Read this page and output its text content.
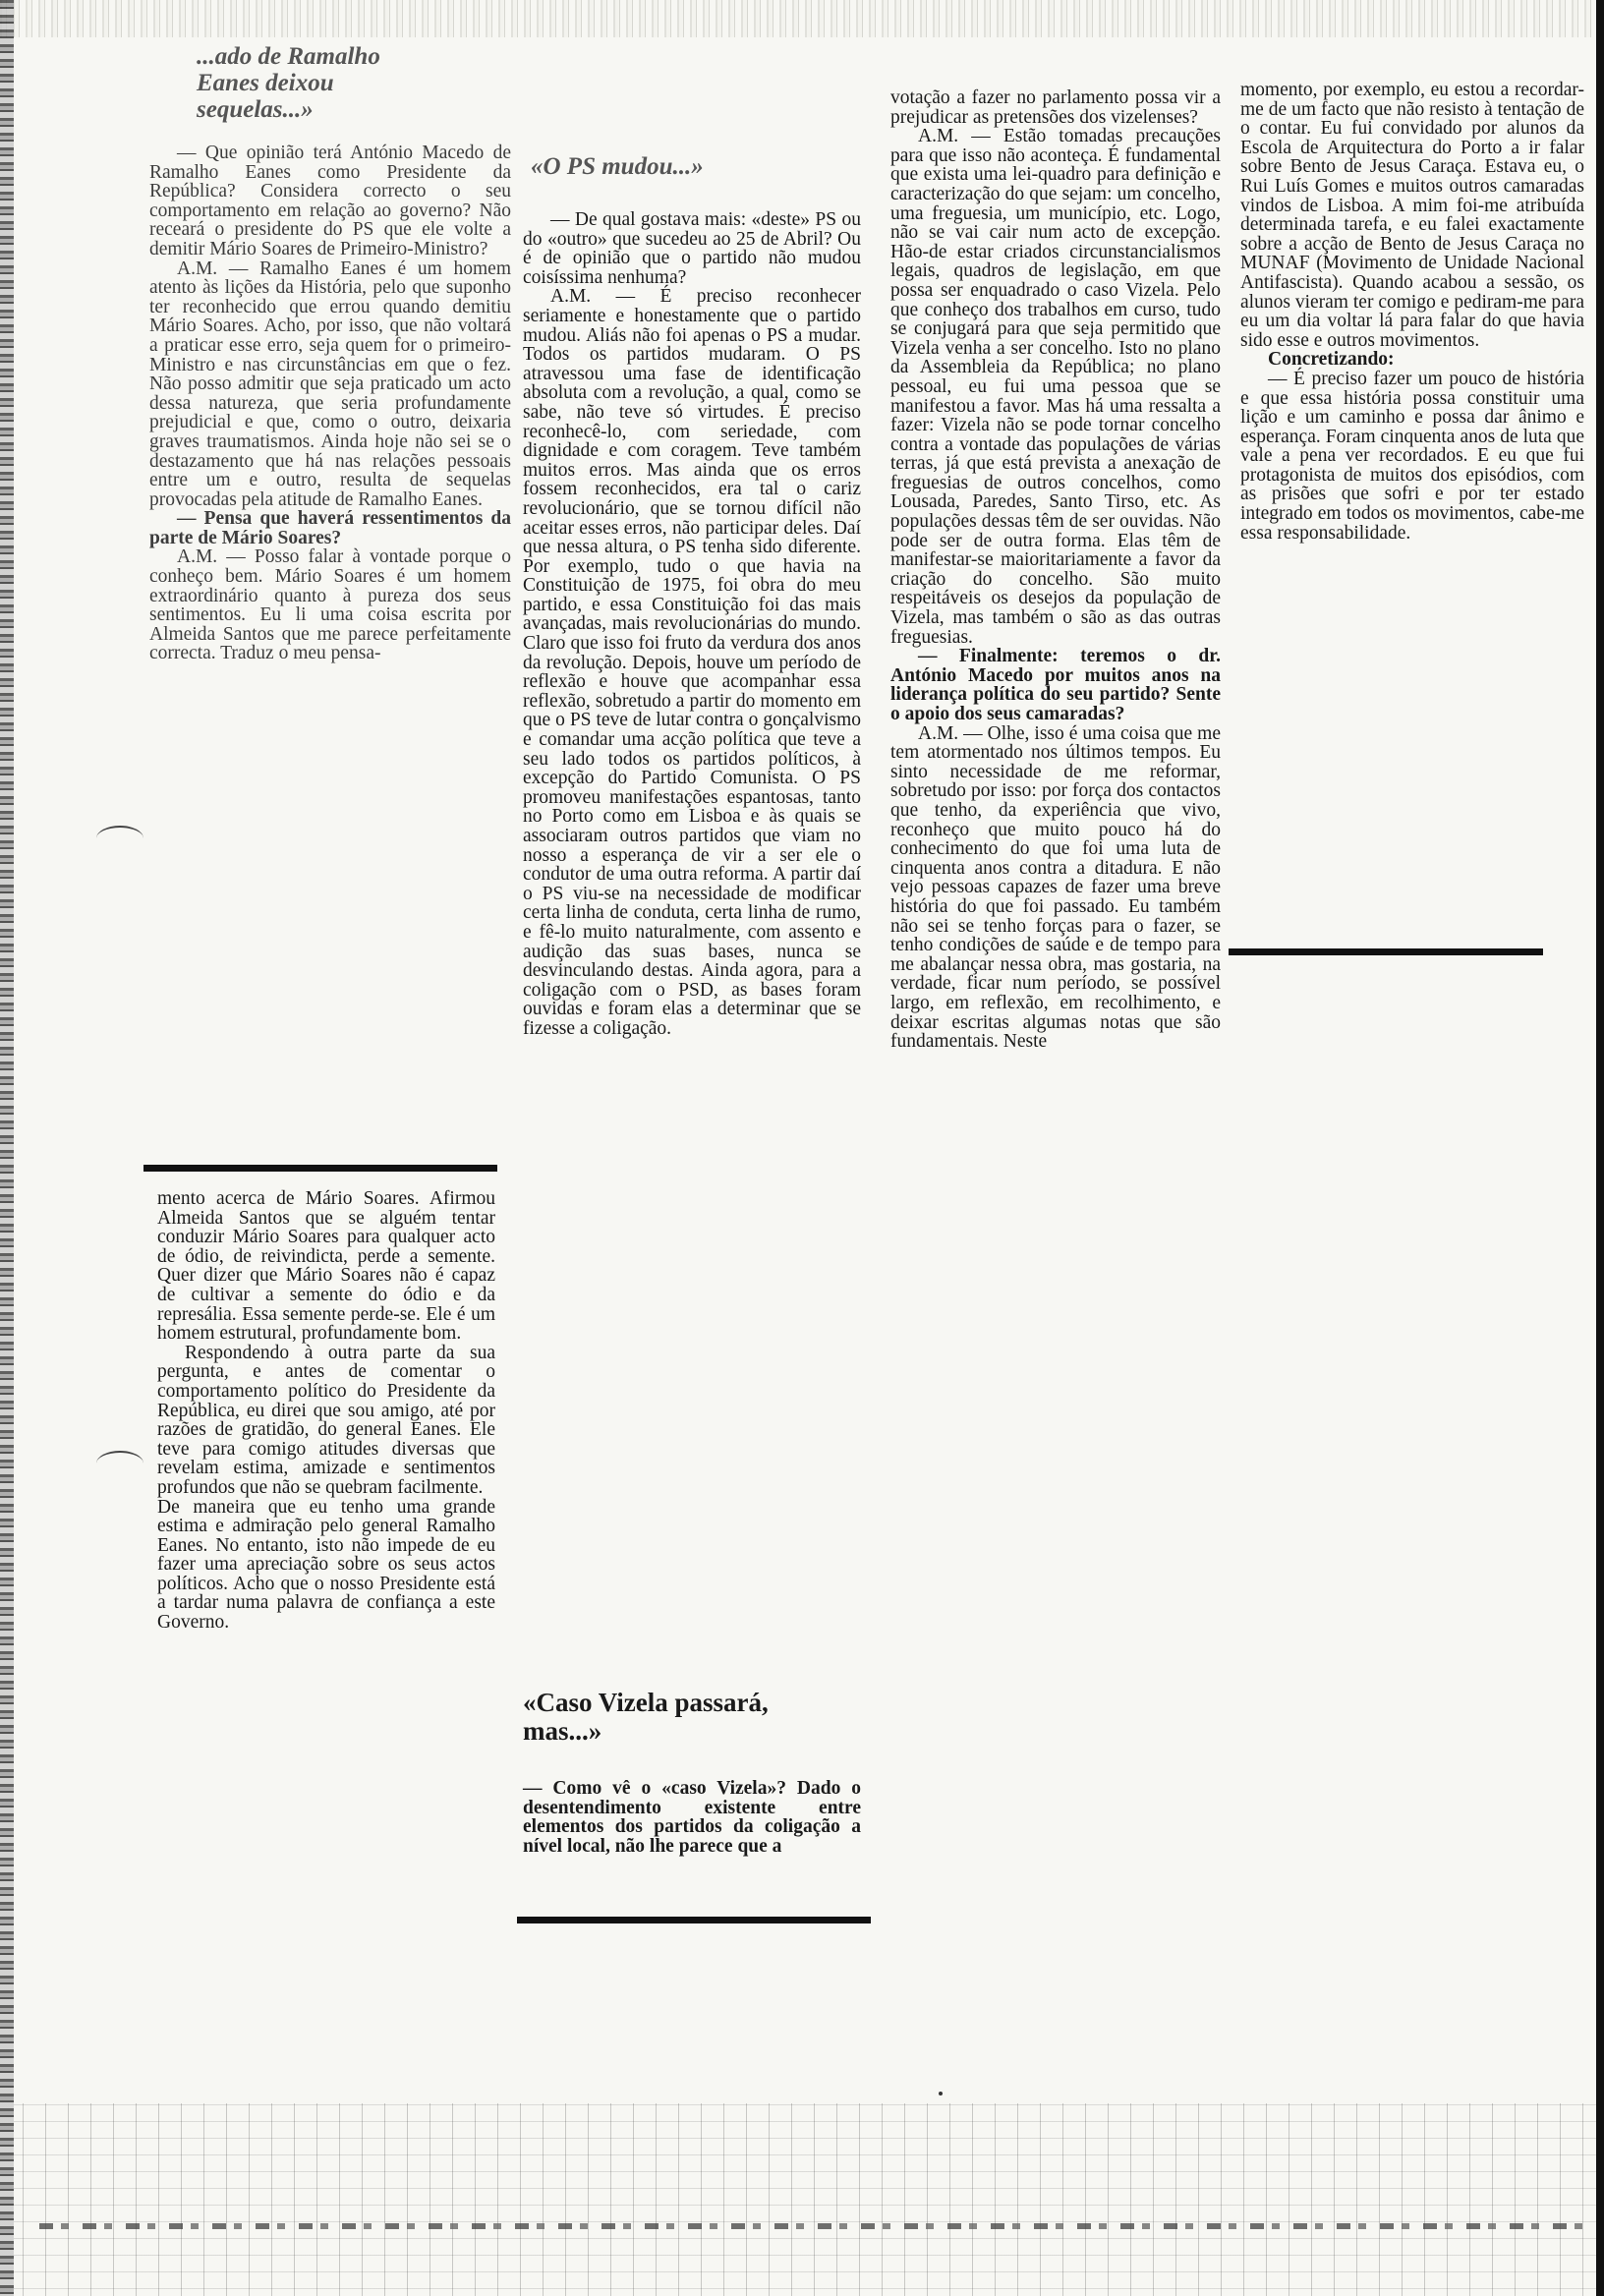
...ado de Ramalho
Eanes deixou
sequelas...»

— Que opinião terá António Macedo de Ramalho Eanes como Presidente da República? Considera correcto o seu comportamento em relação ao governo? Não receará o presidente do PS que ele volte a demitir Mário Soares de Primeiro-Ministro?

A.M. — Ramalho Eanes é um homem atento às lições da História, pelo que suponho ter reconhecido que errou quando demitiu Mário Soares. Acho, por isso, que não voltará a praticar esse erro, seja quem for o primeiro-Ministro e nas circunstâncias em que o fez. Não posso admitir que seja praticado um acto dessa natureza, que seria profundamente prejudicial e que, como o outro, deixaria graves traumatismos. Ainda hoje não sei se o destazamento que há nas relações pessoais entre um e outro, resulta de sequelas provocadas pela atitude de Ramalho Eanes.

— Pensa que haverá ressentimentos da parte de Mário Soares?

A.M. — Posso falar à vontade porque o conheço bem. Mário Soares é um homem extraordinário quanto à pureza dos seus sentimentos. Eu li uma coisa escrita por Almeida Santos que me parece perfeitamente correcta. Traduz o meu pensa-

mento acerca de Mário Soares. Afirmou Almeida Santos que se alguém tentar conduzir Mário Soares para qualquer acto de ódio, de reivindicta, perde a semente. Quer dizer que Mário Soares não é capaz de cultivar a semente do ódio e da represália. Essa semente perde-se. Ele é um homem estrutural, profundamente bom.

Respondendo à outra parte da sua pergunta, e antes de comentar o comportamento político do Presidente da República, eu direi que sou amigo, até por razões de gratidão, do general Eanes. Ele teve para comigo atitudes diversas que revelam estima, amizade e sentimentos profundos que não se quebram facilmente.

De maneira que eu tenho uma grande estima e admiração pelo general Ramalho Eanes. No entanto, isto não impede de eu fazer uma apreciação sobre os seus actos políticos. Acho que o nosso Presidente está a tardar numa palavra de confiança a este Governo.

«O PS mudou...»

— De qual gostava mais: «deste» PS ou do «outro» que sucedeu ao 25 de Abril? Ou é de opinião que o partido não mudou coisíssima nenhuma?

A.M. — É preciso reconhecer seriamente e honestamente que o partido mudou. Aliás não foi apenas o PS a mudar. Todos os partidos mudaram. O PS atravessou uma fase de identificação absoluta com a revolução, a qual, como se sabe, não teve só virtudes. É preciso reconhecê-lo, com seriedade, com dignidade e com coragem. Teve também muitos erros. Mas ainda que os erros fossem reconhecidos, era tal o cariz revolucionário, que se tornou difícil não aceitar esses erros, não participar deles. Daí que nessa altura, o PS tenha sido diferente. Por exemplo, tudo o que havia na Constituição de 1975, foi obra do meu partido, e essa Constituição foi das mais avançadas, mais revolucionárias do mundo. Claro que isso foi fruto da verdura dos anos da revolução. Depois, houve um período de reflexão e houve que acompanhar essa reflexão, sobretudo a partir do momento em que o PS teve de lutar contra o gonçalvismo e comandar uma acção política que teve a seu lado todos os partidos políticos, à excepção do Partido Comunista. O PS promoveu manifestações espantosas, tanto no Porto como em Lisboa e às quais se associaram outros partidos que viam no nosso a esperança de vir a ser ele o condutor de uma outra reforma. A partir daí o PS viu-se na necessidade de modificar certa linha de conduta, certa linha de rumo, e fê-lo muito naturalmente, com assento e audição das suas bases, nunca se desvinculando destas. Ainda agora, para a coligação com o PSD, as bases foram ouvidas e foram elas a determinar que se fizesse a coligação.

«Caso Vizela passará, mas...»
— Como vê o «caso Vizela»? Dado o desentendimento existente entre elementos dos partidos da coligação a nível local, não lhe parece que a

votação a fazer no parlamento possa vir a prejudicar as pretensões dos vizelenses?

A.M. — Estão tomadas precauções para que isso não aconteça. É fundamental que exista uma lei-quadro para definição e caracterização do que sejam: um concelho, uma freguesia, um município, etc. Logo, não se vai cair num acto de excepção. Hão-de estar criados circunstancialismos legais, quadros de legislação, em que possa ser enquadrado o caso Vizela. Pelo que conheço dos trabalhos em curso, tudo se conjugará para que seja permitido que Vizela venha a ser concelho. Isto no plano da Assembleia da República; no plano pessoal, eu fui uma pessoa que se manifestou a favor. Mas há uma ressalta a fazer: Vizela não se pode tornar concelho contra a vontade das populações de várias terras, já que está prevista a anexação de freguesias de outros concelhos, como Lousada, Paredes, Santo Tirso, etc. As populações dessas têm de ser ouvidas. Não pode ser de outra forma. Elas têm de manifestar-se maioritariamente a favor da criação do concelho. São muito respeitáveis os desejos da população de Vizela, mas também o são as das outras freguesias.

— Finalmente: teremos o dr. António Macedo por muitos anos na liderança política do seu partido? Sente o apoio dos seus camaradas?

A.M. — Olhe, isso é uma coisa que me tem atormentado nos últimos tempos. Eu sinto necessidade de me reformar, sobretudo por isso: por força dos contactos que tenho, da experiência que vivo, reconheço que muito pouco há do conhecimento do que foi uma luta de cinquenta anos contra a ditadura. E não vejo pessoas capazes de fazer uma breve história do que foi passado. Eu também não sei se tenho forças para o fazer, se tenho condições de saúde e de tempo para me abalançar nessa obra, mas gostaria, na verdade, ficar num período, se possível largo, em reflexão, em recolhimento, e deixar escritas algumas notas que são fundamentais. Neste

momento, por exemplo, eu estou a recordar-me de um facto que não resisto à tentação de o contar. Eu fui convidado por alunos da Escola de Arquitectura do Porto a ir falar sobre Bento de Jesus Caraça. Estava eu, o Rui Luís Gomes e muitos outros camaradas vindos de Lisboa. A mim foi-me atribuída determinada tarefa, e eu falei exactamente sobre a acção de Bento de Jesus Caraça no MUNAF (Movimento de Unidade Nacional Antifascista). Quando acabou a sessão, os alunos vieram ter comigo e pediram-me para eu um dia voltar lá para falar do que havia sido esse e outros movimentos.

Concretizando:

— É preciso fazer um pouco de história e que essa história possa constituir uma lição e um caminho e possa dar ânimo e esperança. Foram cinquenta anos de luta que vale a pena ver recordados. E eu que fui protagonista de muitos dos episódios, com as prisões que sofri e por ter estado integrado em todos os movimentos, cabe-me essa responsabilidade.
